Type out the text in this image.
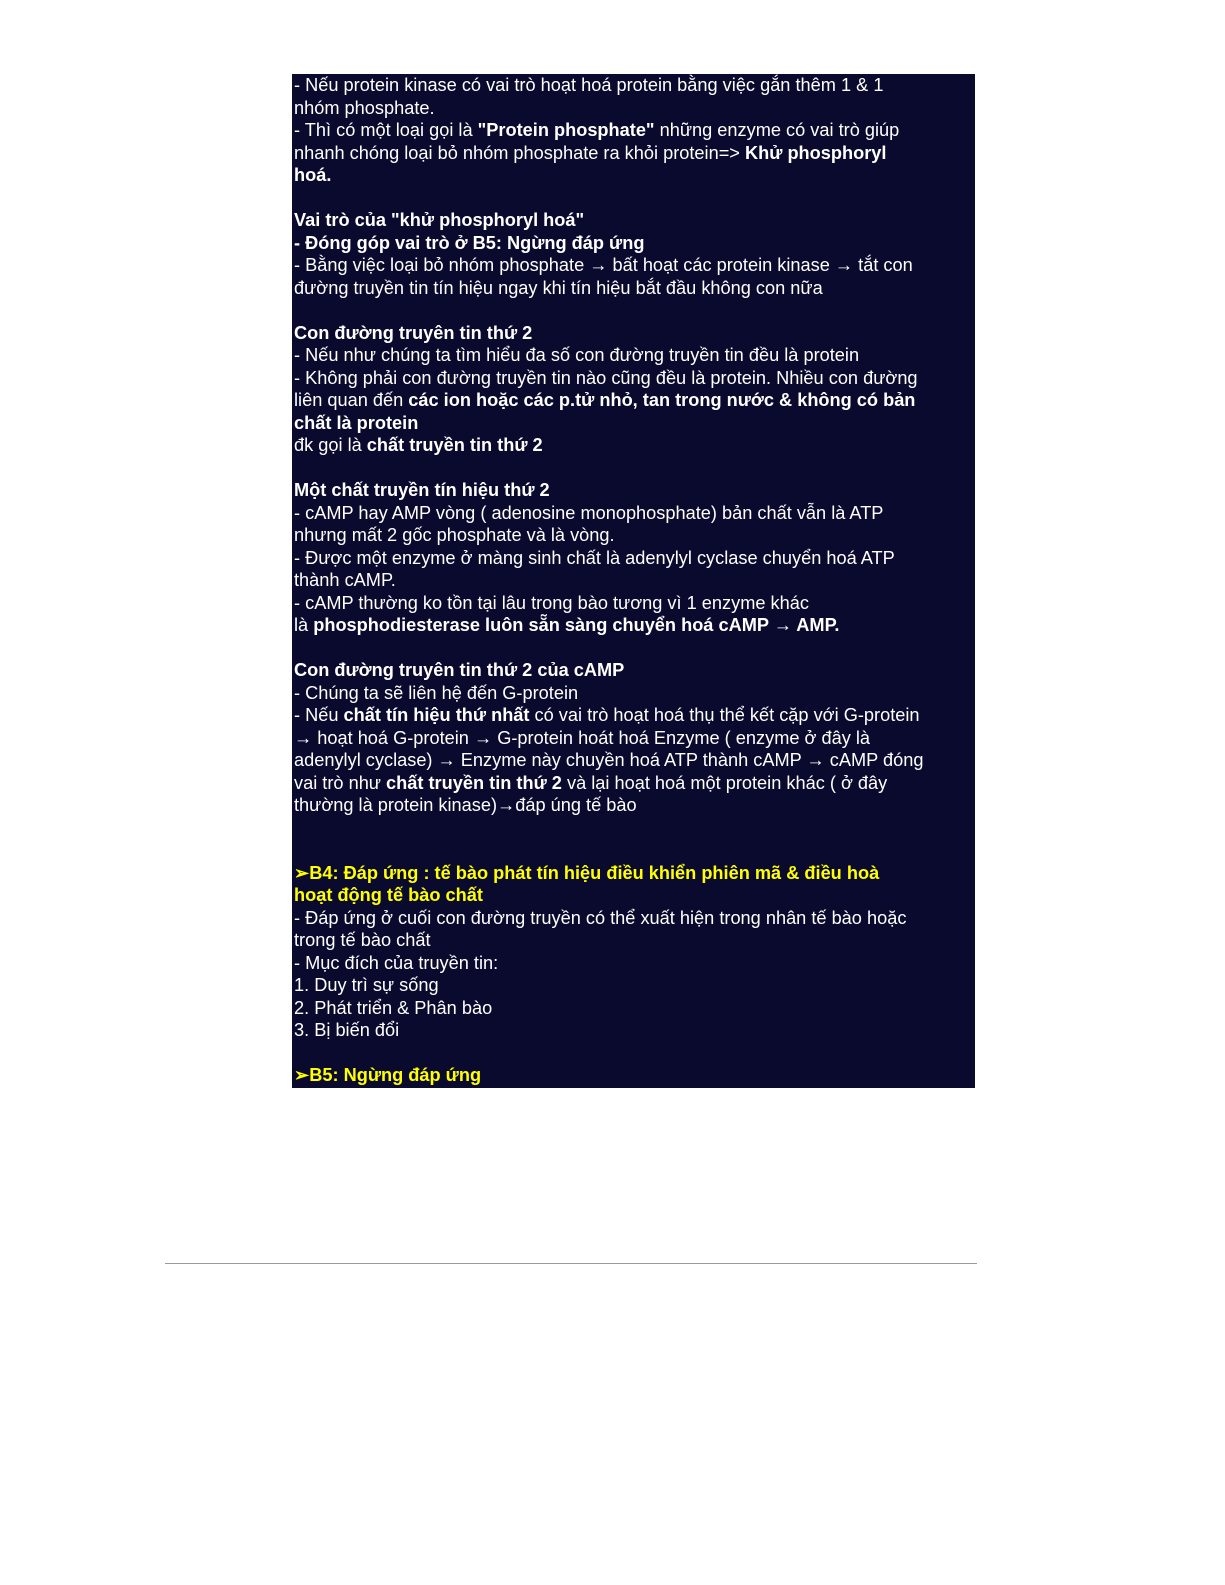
- Nếu protein kinase có vai trò hoạt hoá protein bằng việc gắn thêm 1 & 1
nhóm phosphate.
- Thì có một loại gọi là "Protein phosphate" những enzyme có vai trò giúp
nhanh chóng loại bỏ nhóm phosphate ra khỏi protein=> Khử phosphoryl
hoá.
Vai trò của "khử phosphoryl hoá"
- Đóng góp vai trò ở B5: Ngừng đáp ứng
- Bằng việc loại bỏ nhóm phosphate → bất hoạt các protein kinase → tắt con
đường truyền tin tín hiệu ngay khi tín hiệu bắt đầu không con nữa
Con đường truyên tin thứ 2
- Nếu như chúng ta tìm hiểu đa số con đường truyền tin đều là protein
- Không phải con đường truyền tin nào cũng đều là protein. Nhiều con đường
liên quan đến các ion hoặc các p.tử nhỏ, tan trong nước & không có bản
chất là protein
đk gọi là chất truyền tin thứ 2
Một chất truyền tín hiệu thứ 2
- cAMP hay AMP vòng ( adenosine monophosphate) bản chất vẫn là ATP
nhưng mất 2 gốc phosphate và là vòng.
- Được một enzyme ở màng sinh chất là adenylyl cyclase chuyển hoá ATP
thành cAMP.
- cAMP thường ko tồn tại lâu trong bào tương vì 1 enzyme khác
là phosphodiesterase luôn sẵn sàng chuyển hoá cAMP → AMP.
Con đường truyên tin thứ 2 của cAMP
- Chúng ta sẽ liên hệ đến G-protein
- Nếu chất tín hiệu thứ nhất có vai trò hoạt hoá thụ thể kết cặp với G-protein
→ hoạt hoá G-protein → G-protein hoát hoá Enzyme ( enzyme ở đây là
adenylyl cyclase) → Enzyme này chuyền hoá ATP thành cAMP → cAMP đóng
vai trò như chất truyền tin thứ 2 và lại hoạt hoá một protein khác ( ở đây
thường là protein kinase)→đáp úng tế bào
➢B4: Đáp ứng : tế bào phát tín hiệu điều khiển phiên mã & điều hoà
hoạt động tế bào chất
- Đáp ứng ở cuối con đường truyền có thể xuất hiện trong nhân tế bào hoặc
trong tế bào chất
- Mục đích của truyền tin:
1. Duy trì sự sống
2. Phát triển & Phân bào
3. Bị biến đổi
➢B5: Ngừng đáp ứng
